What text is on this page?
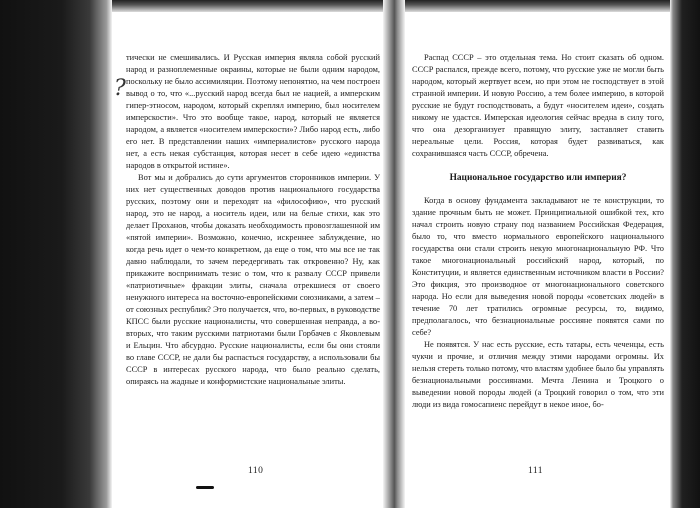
?

тически не смешивались. И Русская империя являла собой русский народ и разноплеменные окраины, которые не были одним народом, поскольку не было ассимиляции. Поэтому непонятно, на чем построен вывод о то, что «...русский народ всегда был не нацией, а имперским гипер-этносом, народом, который скреплял империю, был носителем имперскости». Что это вообще такое, народ, который не является народом, а является «носителем имперскости»? Либо народ есть, либо его нет. В представлении наших «империалистов» русского народа нет, а есть некая субстанция, которая несет в себе идею «единства народов в открытой истине».

Вот мы и добрались до сути аргументов сторонников империи. У них нет существенных доводов против национального государства русских, поэтому они и переходят на «философию», что русский народ, это не народ, а носитель идеи, или на белые стихи, как это делает Проханов, чтобы доказать необходимость провозглашенной им «пятой империи». Возможно, конечно, искреннее заблуждение, но когда речь идет о чем-то конкретном, да еще о том, что мы все не так давно наблюдали, то зачем передергивать так откровенно? Ну, как прикажите воспринимать тезис о том, что к развалу СССР привели «патриотичные» фракции элиты, сначала отрекшиеся от своего ненужного интереса на восточно-европейскими союзниками, а затем – от союзных республик? Это получается, что, во-первых, в руководстве КПСС были русские националисты, что совершенная неправда, а во-вторых, что таким русскими патриотами были Горбачев с Яковлевым и Ельцин. Что абсурдно. Русские националисты, если бы они стояли во главе СССР, не дали бы распасться государству, а использовали бы СССР в интересах русского народа, что было реально сделать, опираясь на жадные и конформистские национальные элиты.

110

Распад СССР – это отдельная тема. Но стоит сказать об одном. СССР распался, прежде всего, потому, что русские уже не могли быть народом, который жертвует всем, но при этом не господствует в этой странной империи. И новую Россию, а тем более империю, в которой русские не будут господствовать, а будут «носителем идеи», создать никому не удастся. Имперская идеология сейчас вредна в силу того, что она дезорганизует правящую элиту, заставляет ставить нереальные цели. Россия, которая будет развиваться, как сохранившаяся часть СССР, обречена.

Национальное государство или империя?

Когда в основу фундамента закладывают не те конструкции, то здание прочным быть не может. Принципиальной ошибкой тех, кто начал строить новую страну под названием Российская Федерация, было то, что вместо нормального европейского национального государства они стали строить некую многонациональную РФ. Что такое многонациональный российский народ, который, по Конституции, и является единственным источником власти в России? Это фикция, это производное от многонационального советского народа. Но если для выведения новой породы «советских людей» в течение 70 лет тратились огромные ресурсы, то, видимо, предполагалось, что безнациональные россияне появятся сами по себе?

Не появятся. У нас есть русские, есть татары, есть чеченцы, есть чукчи и прочие, и отличия между этими народами огромны. Их нельзя стереть только потому, что властям удобнее было бы управлять безнациональными россиянами. Мечта Ленина и Троцкого о выведении новой породы людей (а Троцкий говорил о том, что эти люди из вида гомосапиенс перейдут в некое иное, бо-

111
